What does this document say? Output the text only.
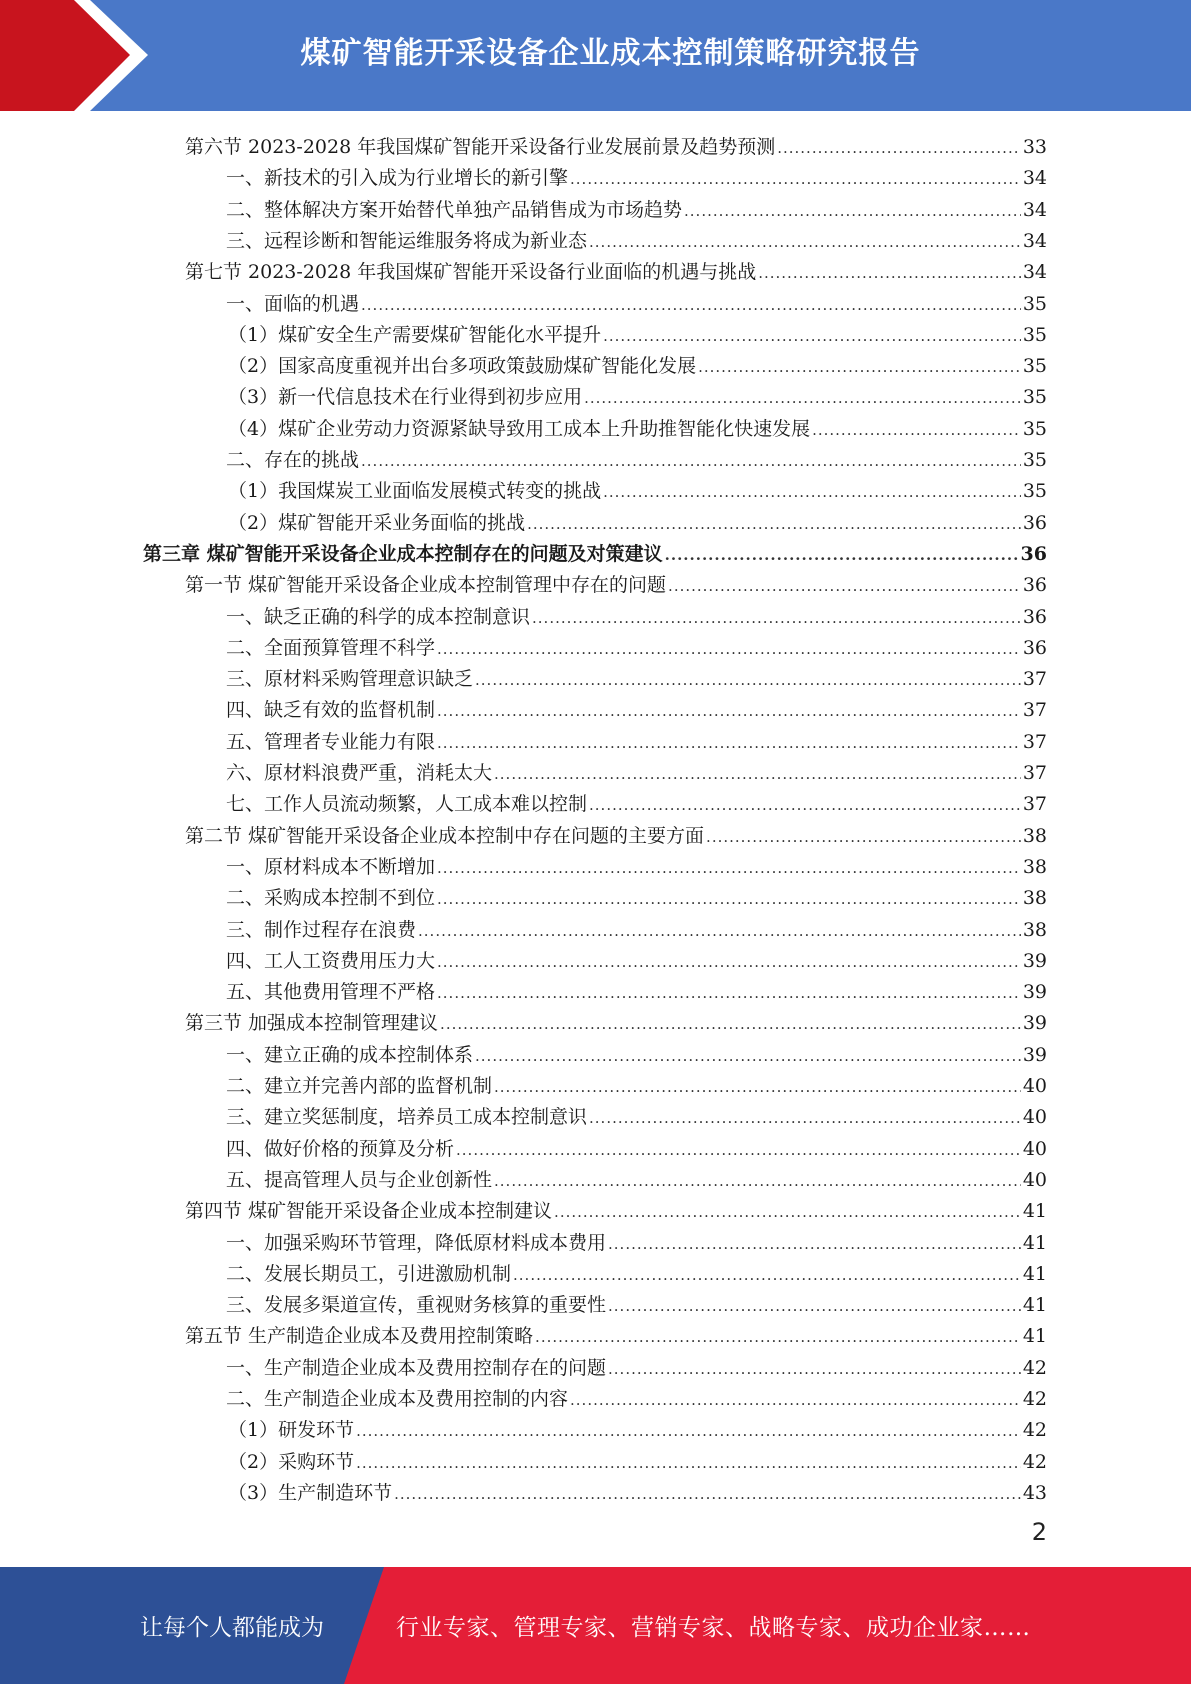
煤矿智能开采设备企业成本控制策略研究报告
第六节 2023-2028 年我国煤矿智能开采设备行业发展前景及趋势预测 .....	33
一、新技术的引入成为行业增长的新引擎 .....	34
二、整体解决方案开始替代单独产品销售成为市场趋势 .....	34
三、远程诊断和智能运维服务将成为新业态 .....	34
第七节 2023-2028 年我国煤矿智能开采设备行业面临的机遇与挑战 .....	34
一、面临的机遇 .....	35
（1）煤矿安全生产需要煤矿智能化水平提升 .....	35
（2）国家高度重视并出台多项政策鼓励煤矿智能化发展 .....	35
（3）新一代信息技术在行业得到初步应用 .....	35
（4）煤矿企业劳动力资源紧缺导致用工成本上升助推智能化快速发展 .....	35
二、存在的挑战 .....	35
（1）我国煤炭工业面临发展模式转变的挑战 .....	35
（2）煤矿智能开采业务面临的挑战 .....	36
第三章 煤矿智能开采设备企业成本控制存在的问题及对策建议 .....	36
第一节 煤矿智能开采设备企业成本控制管理中存在的问题 .....	36
一、缺乏正确的科学的成本控制意识 .....	36
二、全面预算管理不科学 .....	36
三、原材料采购管理意识缺乏 .....	37
四、缺乏有效的监督机制 .....	37
五、管理者专业能力有限 .....	37
六、原材料浪费严重，消耗太大 .....	37
七、工作人员流动频繁，人工成本难以控制 .....	37
第二节 煤矿智能开采设备企业成本控制中存在问题的主要方面 .....	38
一、原材料成本不断增加 .....	38
二、采购成本控制不到位 .....	38
三、制作过程存在浪费 .....	38
四、工人工资费用压力大 .....	39
五、其他费用管理不严格 .....	39
第三节 加强成本控制管理建议 .....	39
一、建立正确的成本控制体系 .....	39
二、建立并完善内部的监督机制 .....	40
三、建立奖惩制度，培养员工成本控制意识 .....	40
四、做好价格的预算及分析 .....	40
五、提高管理人员与企业创新性 .....	40
第四节 煤矿智能开采设备企业成本控制建议 .....	41
一、加强采购环节管理，降低原材料成本费用 .....	41
二、发展长期员工，引进激励机制 .....	41
三、发展多渠道宣传，重视财务核算的重要性 .....	41
第五节 生产制造企业成本及费用控制策略 .....	41
一、生产制造企业成本及费用控制存在的问题 .....	42
二、生产制造企业成本及费用控制的内容 .....	42
（1）研发环节 .....	42
（2）采购环节 .....	42
（3）生产制造环节 .....	43
2
让每个人都能成为	行业专家、管理专家、营销专家、战略专家、成功企业家……
